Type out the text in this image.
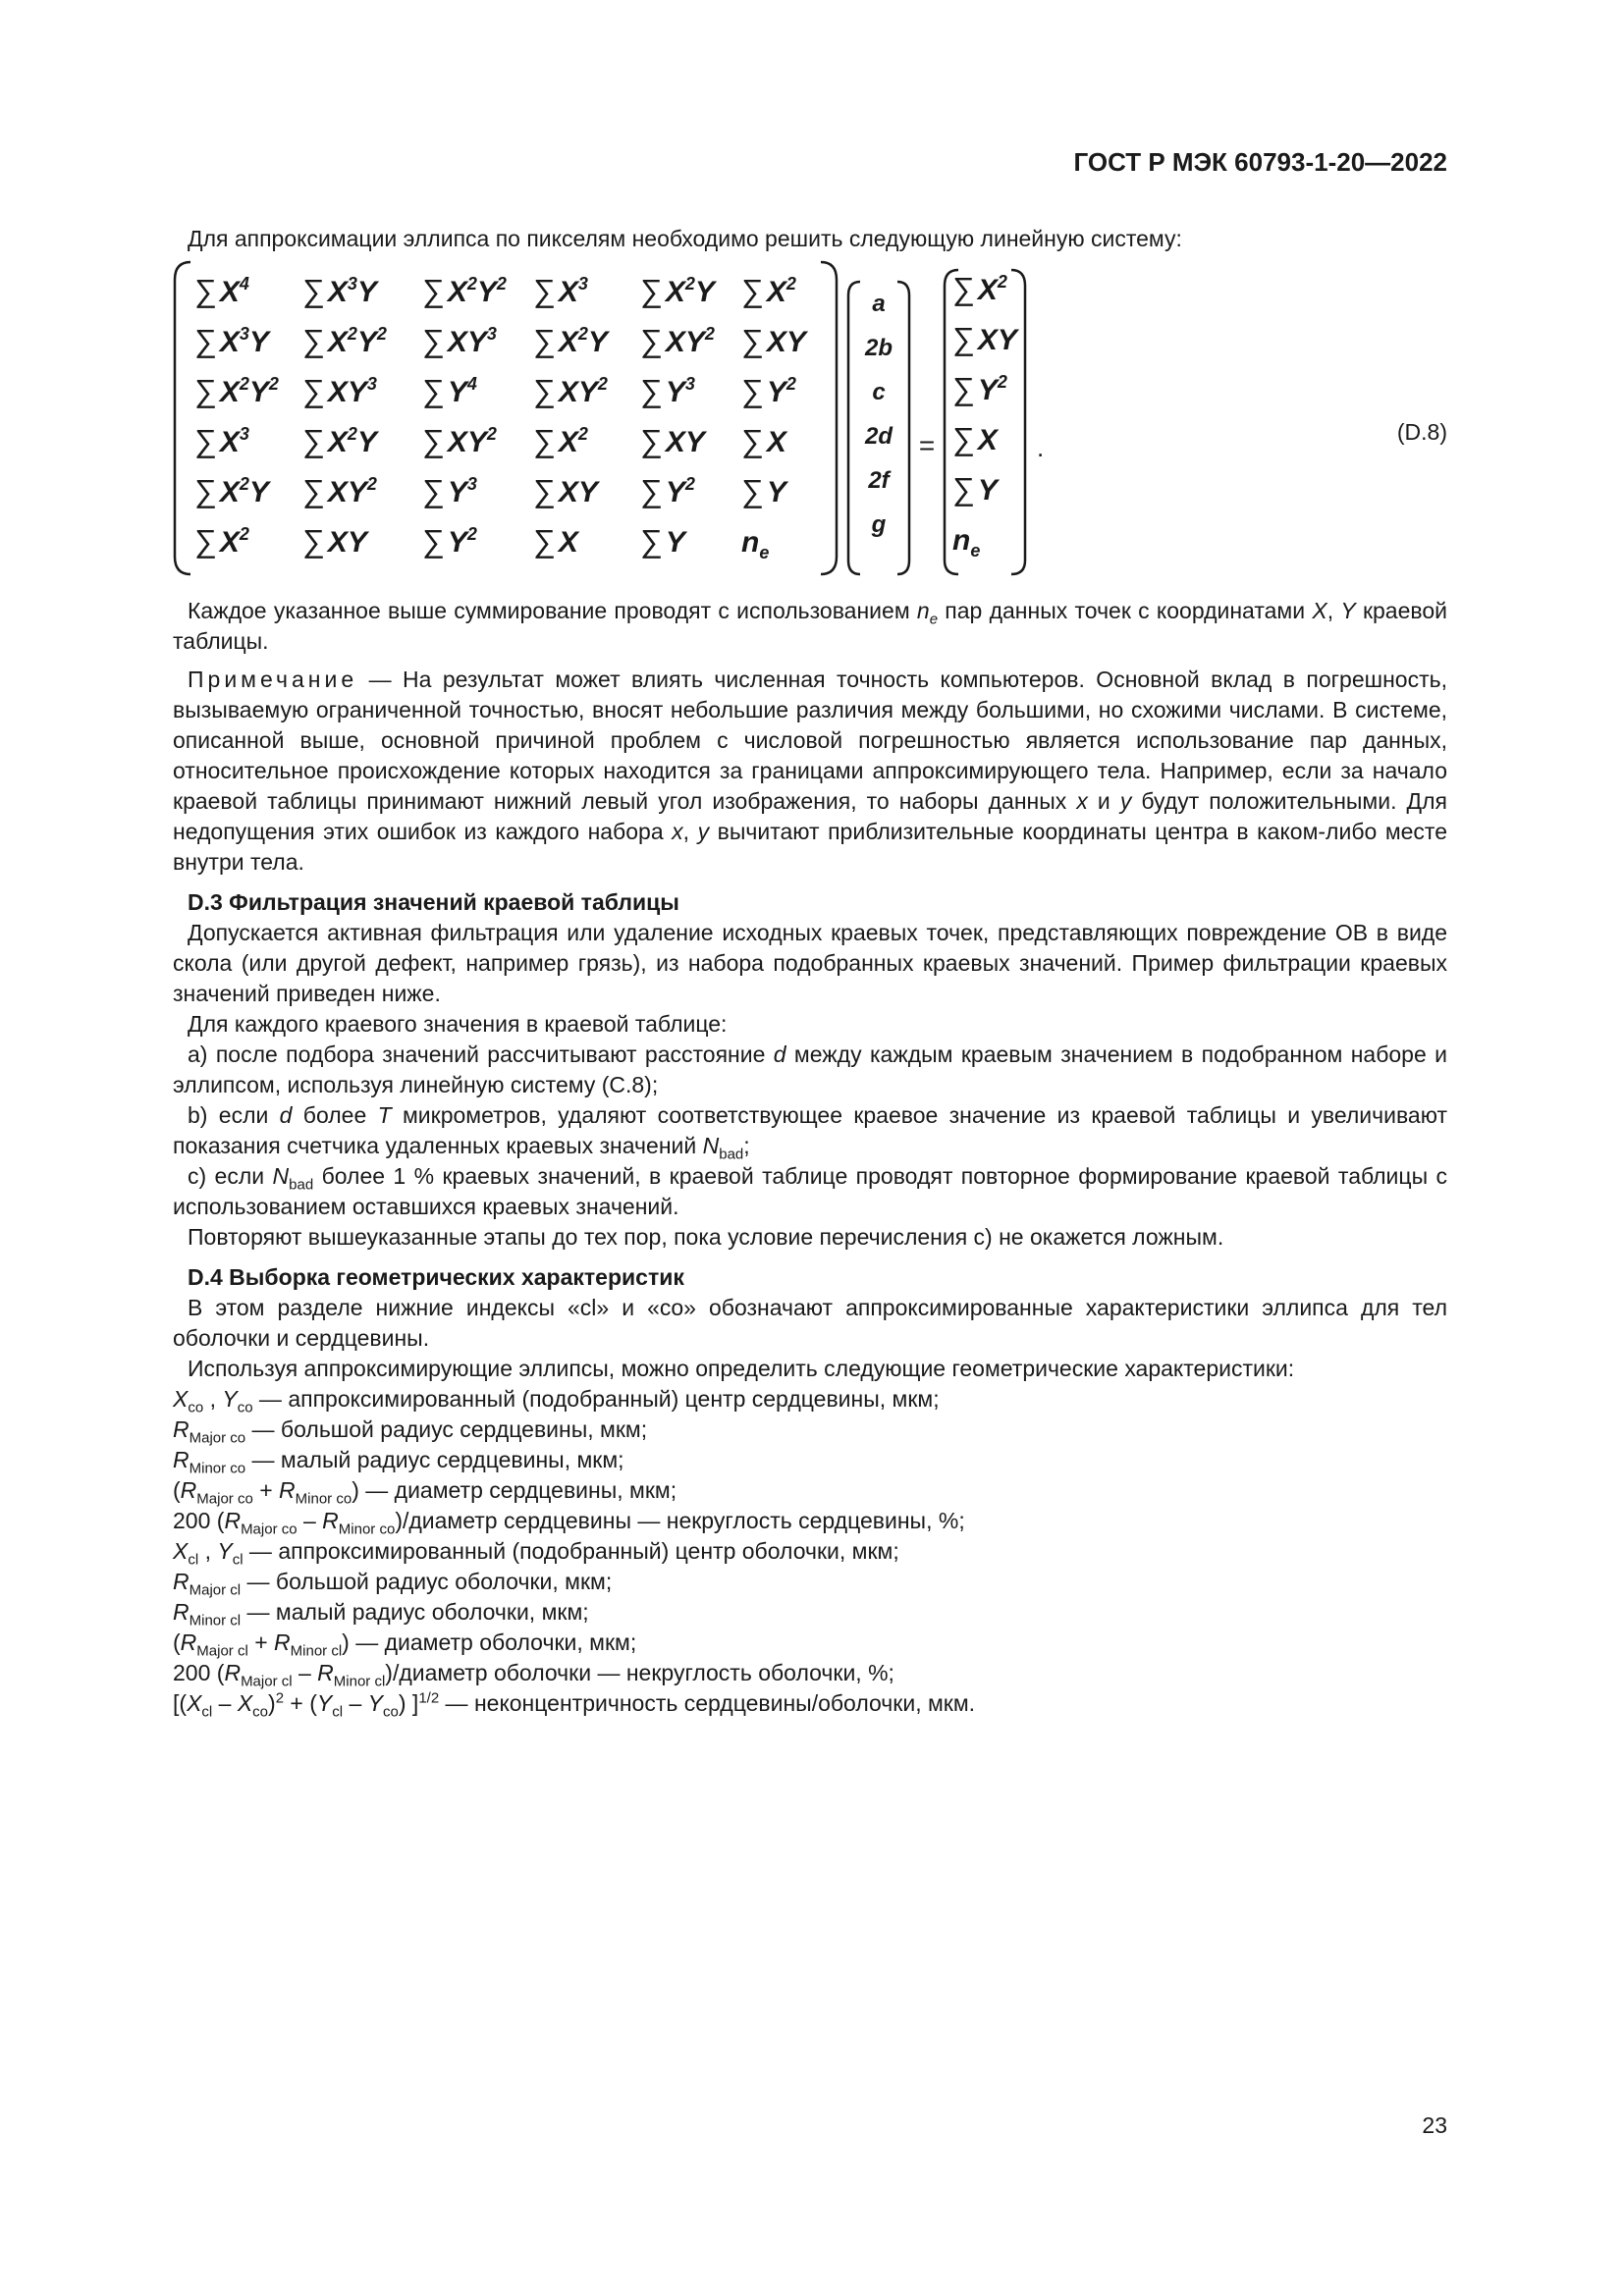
ГОСТ Р МЭК 60793-1-20—2022

Для аппроксимации эллипса по пикселям необходимо решить следующую линейную систему:

∑ $X^4$ ∑ $X^3Y$ ∑ $X^2Y^2$ ∑ $X^3$ ∑ $X^2Y$ ∑ $X^2$
∑ $X^3Y$ ∑ $X^2Y^2$ ∑ $XY^3$ ∑ $X^2Y$ ∑ $XY^2$ ∑ XY
∑ $X^2Y^2$ ∑ $XY^3$ ∑ $Y^4$ ∑ $XY^2$ ∑ $Y^3$ ∑ $Y^2$
∑ $X^3$ ∑ $X^2Y$ ∑ $XY^2$ ∑ $X^2$ ∑ XY ∑ X
∑ $X^2Y$ ∑ $XY^2$ ∑ $Y^3$ ∑ XY ∑ $Y^2$ ∑ Y
∑ $X^2$ ∑ XY ∑ $Y^2$ ∑ X ∑ Y $n_e$
a
2b
c
2d
2f
g
=
∑ $X^2$
∑ XY
∑ $Y^2$
∑ X
∑ Y
$n_e$
.
(D.8)

Каждое указанное выше суммирование проводят с использованием $n_e$ пар данных точек с координатами X, Y краевой таблицы.

Примечание — На результат может влиять численная точность компьютеров. Основной вклад в погрешность, вызываемую ограниченной точностью, вносят небольшие различия между большими, но схожими числами. В системе, описанной выше, основной причиной проблем с числовой погрешностью является использование пар данных, относительное происхождение которых находится за границами аппроксимирующего тела. Например, если за начало краевой таблицы принимают нижний левый угол изображения, то наборы данных x и y будут положительными. Для недопущения этих ошибок из каждого набора x, y вычитают приблизительные координаты центра в каком-либо месте внутри тела.

D.3 Фильтрация значений краевой таблицы

Допускается активная фильтрация или удаление исходных краевых точек, представляющих повреждение ОВ в виде скола (или другой дефект, например грязь), из набора подобранных краевых значений. Пример фильтрации краевых значений приведен ниже.

Для каждого краевого значения в краевой таблице:

a) после подбора значений рассчитывают расстояние d между каждым краевым значением в подобранном наборе и эллипсом, используя линейную систему (C.8);

b) если d более T микрометров, удаляют соответствующее краевое значение из краевой таблицы и увеличивают показания счетчика удаленных краевых значений $N_{bad}$;

c) если $N_{bad}$ более 1 % краевых значений, в краевой таблице проводят повторное формирование краевой таблицы с использованием оставшихся краевых значений.

Повторяют вышеуказанные этапы до тех пор, пока условие перечисления с) не окажется ложным.

D.4 Выборка геометрических характеристик

В этом разделе нижние индексы «cl» и «co» обозначают аппроксимированные характеристики эллипса для тел оболочки и сердцевины.

Используя аппроксимирующие эллипсы, можно определить следующие геометрические характеристики:

$X_{co}$ , $Y_{co}$ — аппроксимированный (подобранный) центр сердцевины, мкм;

$R_{Major co}$ — большой радиус сердцевины, мкм;

$R_{Minor co}$ — малый радиус сердцевины, мкм;

$(R_{Major co} + R_{Minor co})$ — диаметр сердцевины, мкм;

200 ($R_{Major co}$ – $R_{Minor co}$)/диаметр сердцевины — некруглость сердцевины, %;

$X_{cl}$ , $Y_{cl}$ — аппроксимированный (подобранный) центр оболочки, мкм;

$R_{Major cl}$ — большой радиус оболочки, мкм;

$R_{Minor cl}$ — малый радиус оболочки, мкм;

$(R_{Major cl} + R_{Minor cl})$ — диаметр оболочки, мкм;

200 ($R_{Major cl}$ – $R_{Minor cl}$)/диаметр оболочки — некруглость оболочки, %;

[$(X_{cl} - X_{co})^2 + (Y_{cl} - Y_{co})$ ]$^{1/2}$ — неконцентричность сердцевины/оболочки, мкм.

23
